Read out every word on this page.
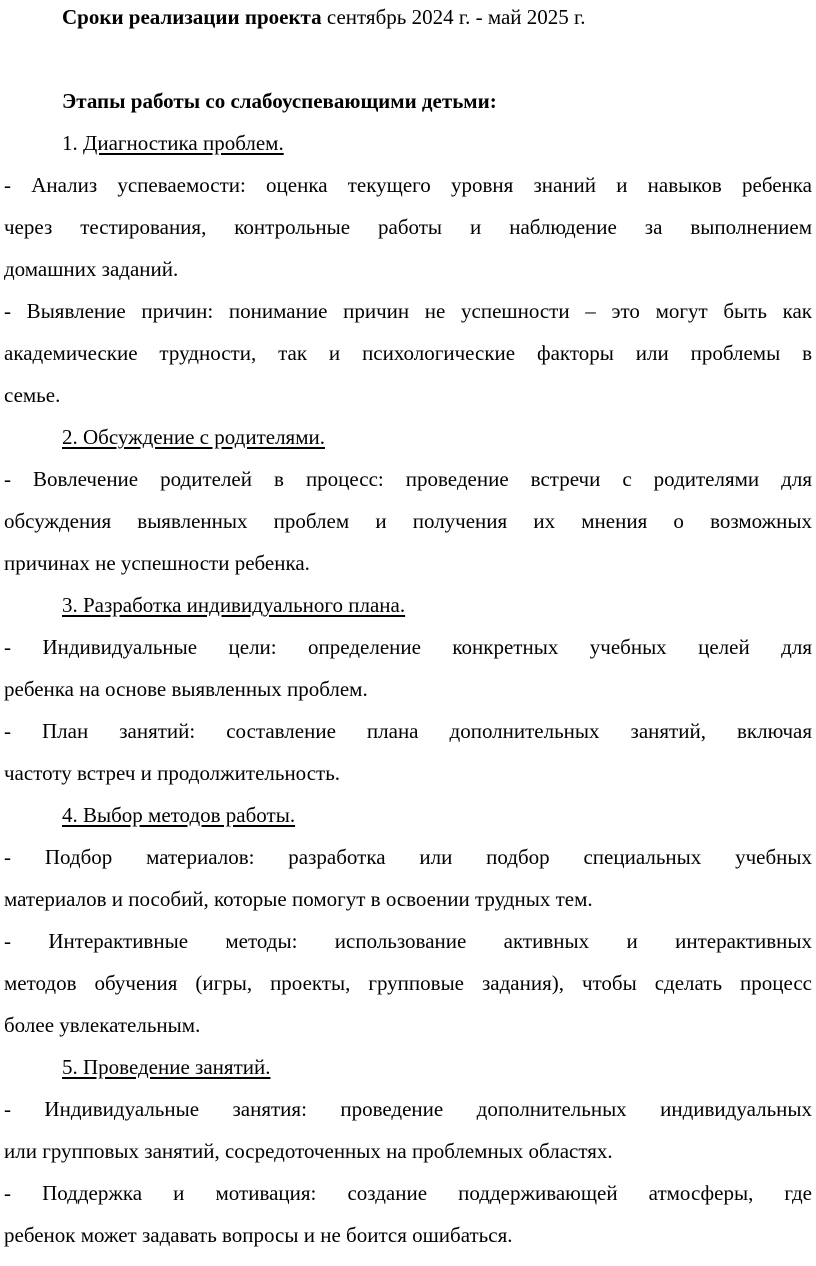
Сроки реализации проекта сентябрь 2024 г. - май 2025 г.
Этапы работы со слабоуспевающими детьми:
1. Диагностика проблем.
- Анализ успеваемости: оценка текущего уровня знаний и навыков ребенка
через тестирования, контрольные работы и наблюдение за выполнением
домашних заданий.
- Выявление причин: понимание причин не успешности – это могут быть как
академические трудности, так и психологические факторы или проблемы в
семье.
2. Обсуждение с родителями.
- Вовлечение родителей в процесс: проведение встречи с родителями для
обсуждения выявленных проблем и получения их мнения о возможных
причинах не успешности ребенка.
3. Разработка индивидуального плана.
- Индивидуальные цели: определение конкретных учебных целей для
ребенка на основе выявленных проблем.
- План занятий: составление плана дополнительных занятий, включая
частоту встреч и продолжительность.
4. Выбор методов работы.
- Подбор материалов: разработка или подбор специальных учебных
материалов и пособий, которые помогут в освоении трудных тем.
- Интерактивные методы: использование активных и интерактивных
методов обучения (игры, проекты, групповые задания), чтобы сделать процесс
более увлекательным.
5. Проведение занятий.
- Индивидуальные занятия: проведение дополнительных индивидуальных
или групповых занятий, сосредоточенных на проблемных областях.
- Поддержка и мотивация: создание поддерживающей атмосферы, где
ребенок может задавать вопросы и не боится ошибаться.
